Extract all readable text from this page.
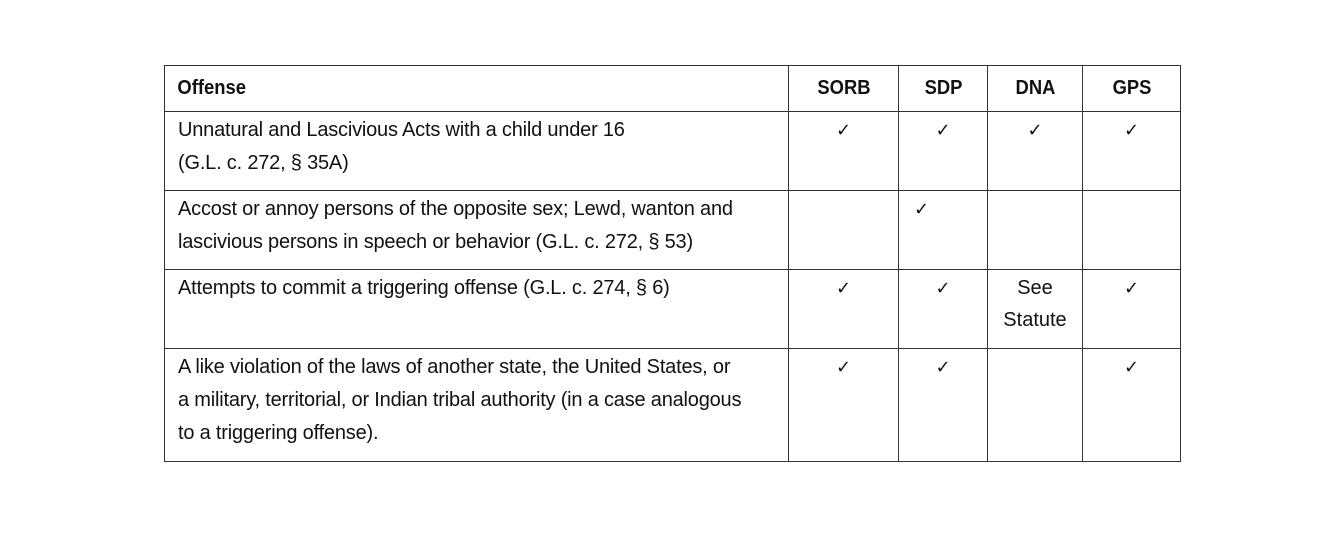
Offense	SORB	SDP	DNA	GPS

Unnatural and Lascivious Acts with a child under 16
(G.L. c. 272, § 35A)	✓	✓	✓	✓

Accost or annoy persons of the opposite sex; Lewd, wanton and
lascivious persons in speech or behavior (G.L. c. 272, § 53)		✓		

Attempts to commit a triggering offense (G.L. c. 274, § 6)	✓	✓	See
Statute	✓

A like violation of the laws of another state, the United States, or
a military, territorial, or Indian tribal authority (in a case analogous
to a triggering offense).	✓	✓		✓
